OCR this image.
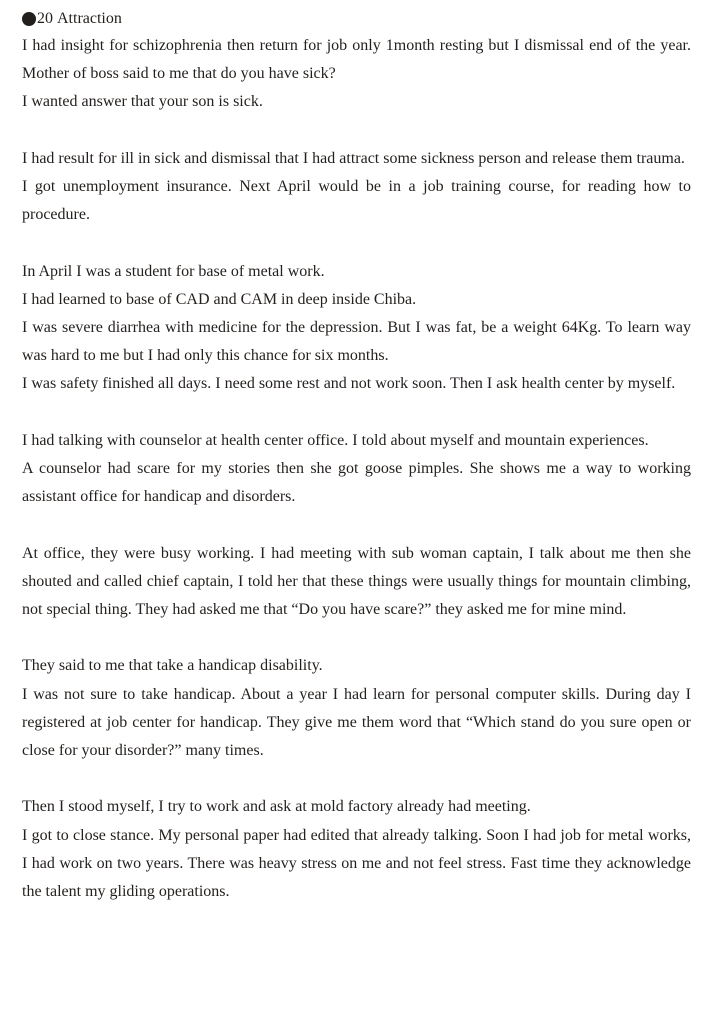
20
Attraction

I had insight for schizophrenia then return for job only 1month resting but I dismissal end of the year. Mother of boss said to me that do you have sick?

I wanted answer that your son is sick.

I had result for ill in sick and dismissal that I had attract some sickness person and release them trauma.

I got unemployment insurance. Next April would be in a job training course, for reading how to procedure.

In April I was a student for base of metal work.

I had learned to base of CAD and CAM in deep inside Chiba.

I was severe diarrhea with medicine for the depression. But I was fat, be a weight 64Kg. To learn way was hard to me but I had only this chance for six months.

I was safety finished all days. I need some rest and not work soon. Then I ask health center by myself.

I had talking with counselor at health center office. I told about myself and mountain experiences.

A counselor had scare for my stories then she got goose pimples. She shows me a way to working assistant office for handicap and disorders.

At office, they were busy working. I had meeting with sub woman captain, I talk about me then she shouted and called chief captain, I told her that these things were usually things for mountain climbing, not special thing. They had asked me that “Do you have scare?” they asked me for mine mind.

They said to me that take a handicap disability.

I was not sure to take handicap. About a year I had learn for personal computer skills. During day I registered at job center for handicap. They give me them word that “Which stand do you sure open or close for your disorder?” many times.

Then I stood myself, I try to work and ask at mold factory already had meeting.

I got to close stance. My personal paper had edited that already talking. Soon I had job for metal works, I had work on two years. There was heavy stress on me and not feel stress. Fast time they acknowledge the talent my gliding operations.
